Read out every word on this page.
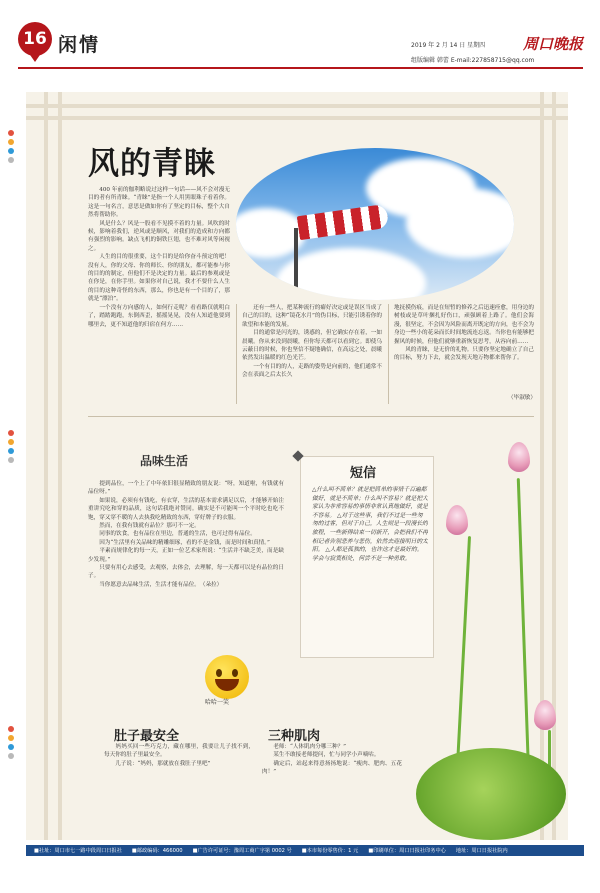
16 闲情	2019 年 2 月 14 日 星期四
组版编辑 韩蕾 E-mail:227858715@qq.com
周口晚报
风的青睐
　　400 年前的伽利略说过这样一句话——风不会对漫无目的者有所青睐。“青睐”是指一个人用黑眼珠子看着你。这是一句名言，意思是做如你有了坚定的目标，整个大自然将帮助你。
　　风是什么？风是一股看不见摸不着的力量。风吹的时候，影响着我们，逆风或是顺风，对我们的造成和方向都有强烈的影响。缺点飞机的铜铁巨翅，也不难对风等闲视之。
　　人生的目的很重要，这个目的是给你奋斗预定的吧！没有人，你的父母、你的师长、你的朋友，都可能参与你的目的的制定，但他们不是决定的力量。最后的参观或是在你是，在你手里。如果你对自己说，我才不要什么人生的目的这种奇怪的东西，那么，你也是有一个目的了，那就是“漂泊”。
　　一个没有方向感的人，如何行走呢？看看路仅就明白了，踏踏跑跑，东倒西歪，摇摇晃晃，没有人知道他要到哪里去，更不知道他的归宿在何方……
　　还有一些人，把某种流行的癖好决定或是误区当成了自己的目的，这种“镜花水月”的伪目标，只能引诱着你的欲望和本能的发展。
　　目的通常是闪光的，诱惑的，但它确实存在着，一如晨曦。你从来没到晨曦，但你每天都可以看到它。即使乌云蔽日的时候，你也坚信不疑地确信，在高远之处，晨曦依然发出温暖的红色光芒。
　　一个有目的的人，走路的姿势是向前的，他们通常不会在表面之后太长久
地抚摸伤痕，而是在短暂的修养之后迅速痊愈，用身边的树枝或是草叶捆扎好伤口，顽强顾着上路了。他们会海漫，很坚定，不会因为风险而离开既定的方向，也不会为身边一些小的花朵而长时间地流连忘返。当你也有能够把握风的时候，但他们就够重新恢复思考，从容向前……
　　风的青睐，是无价的礼物。只要你坚定地确立了自己的目标，努力下去，就会发现天地万物都来帮你了。
（毕淑敏）
品味生活
　　提到品位，一个上了中年依旧很显精致的朋友说：“呀，知道啦，有钱就有品位呀。”
　　如果说，必须有有钱吃，有衣穿，生活的基本需求满足以后，才能够开始注重讲究吃和穿的品质，这句话我绝对赞同。确实是不可能叫一个平时吃也吃不饱，穿又穿不暖的人去执我吃精致的东西，穿好牌子的衣服。
　　然而，在我有钱就有品位？那可不一定。
　　同事的饮食，也有品位在里边，普通的生活，也可过得有品位。
　　因为“生活里有关品味的精雕细琢，看的不是金钱，而是时间和真情。”
　　平素而规律化的每一天，正如一位艺术家所说：“生活并不缺乏美，而是缺少发现。”
　　只要有用心去感受，去观察，去体会，去理解，每一天都可以是有品位的日子。
　　当你愿意去品味生活，生活才能有品位。　（朵拉）
短信
△什么叫不简单？就是把简单的事情千百遍都做好，就是不简单；什么叫不容易？就是把大家认为非常容易的事情非常认真地做好，就是不容易。 △对于这些事，我们不过是一些匆匆的过客，但对于自己，人生则是一段漫长的旅程，一些新得结束一切新开，会把我们不再相记者告别悲养与悲伤，依然去迎接明日的太阳。 △人都是孤独的，也许这才是最好的。学会与寂寞相处，何尝不是一种勇敢。
哈哈一笑
肚子最安全
　　妈妈买回一些巧克力，藏在哪里，我要让儿子找不到，每天你的肚子里最安全。
　　儿子说：“妈妈，那就放在我肚子里吧”
三种肌肉
　　老师：“人体肌肉分哪三种？”
　　某生不敢接老师提问，忙与同学小声嘀咕。
　　确定后，站起来得意扬扬地说：“瘦肉、肥肉、五花肉！”
■社址：周口市七一路中段周口日报社 ■邮政编码：466000 ■广告许可证号：豫周工商广字第 0002 号 ■本市每份零售价：1 元 ■印刷单位：周口日报社印务中心 地址：周口日报社院内
